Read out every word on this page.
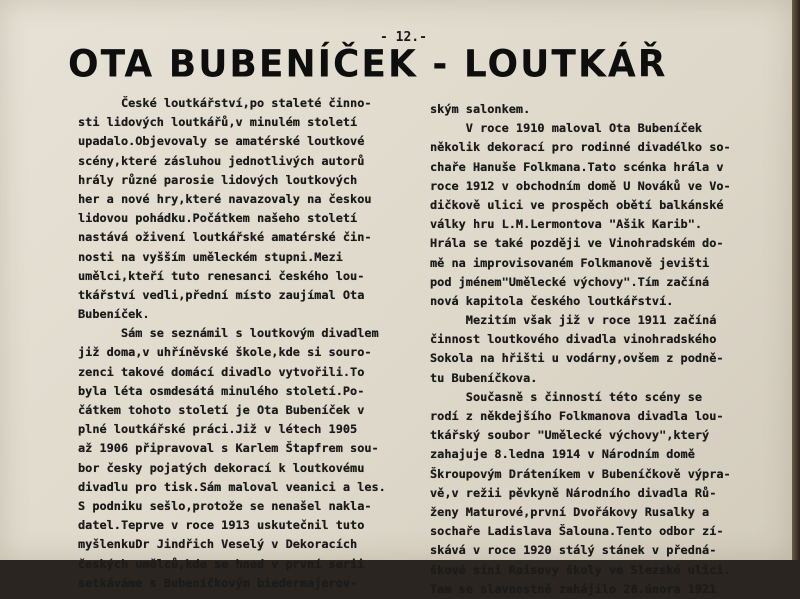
- 12.-
OTA BUBENÍČEK - LOUTKÁŘ
České loutkářství,po staleté činno-
sti lidových loutkářů,v minulém století
upadalo.Objevovaly se amatérské loutkové
scény,které zásluhou jednotlivých autorů
hrály různé parosie lidových loutkových
her a nové hry,které navazovaly na českou
lidovou pohádku.Počátkem našeho století
nastává oživení loutkářské amatérské čin-
nosti na vyšším uměleckém stupni.Mezi
umělci,kteří tuto renesanci českého lou-
tkářství vedli,přední místo zaujímal Ota
Bubeníček.
Sám se seznámil s loutkovým divadlem
již doma,v uhříněvské škole,kde si souro-
zenci takové domácí divadlo vytvořili.To
byla léta osmdesátá minulého století.Po-
čátkem tohoto století je Ota Bubeníček v
plné loutkářské práci.Již v létech 1905
až 1906 připravoval s Karlem Štapfrem sou-
bor česky pojatých dekorací k loutkovému
divadlu pro tisk.Sám maloval veanici a les.
S podniku sešlo,protože se nenašel nakla-
datel.Teprve v roce 1913 uskutečnil tuto
myšlenkuDr Jindřich Veselý v Dekoracích
českých umělců,kde se hned v první serii
setkáváme s Bubeníčkovým biedermajerov-
ským salonkem.
V roce 1910 maloval Ota Bubeníček
několik dekorací pro rodinné divadélko so-
chaře Hanuše Folkmana.Tato scénka hrála v
roce 1912 v obchodním domě U Nováků ve Vo-
dičkově ulici ve prospěch obětí balkánské
války hru L.M.Lermontova "Ašik Karib".
Hrála se také později ve Vinohradském do-
mě na improvisovaném Folkmanově jevišti
pod jménem"Umělecké výchovy".Tím začíná
nová kapitola českého loutkářství.
Mezitím však již v roce 1911 začíná
činnost loutkového divadla vinohradského
Sokola na hřišti u vodárny,ovšem z podně-
tu Bubeníčkova.
Současně s činností této scény se
rodí z někdejšího Folkmanova divadla lou-
tkářský soubor "Umělecké výchovy",který
zahajuje 8.ledna 1914 v Národním domě
Škroupovým Dráteníkem v Bubeníčkově výpra-
vě,v režii pěvkyně Národního divadla Rů-
ženy Maturové,první Dvořákovy Rusalky a
sochaře Ladislava Šalouna.Tento odbor zí-
skává v roce 1920 stálý stánek v předná-
škové síni Raisovy školy ve Slezské ulici.
Tam se slavnostně zahájilo 28.února 1921
